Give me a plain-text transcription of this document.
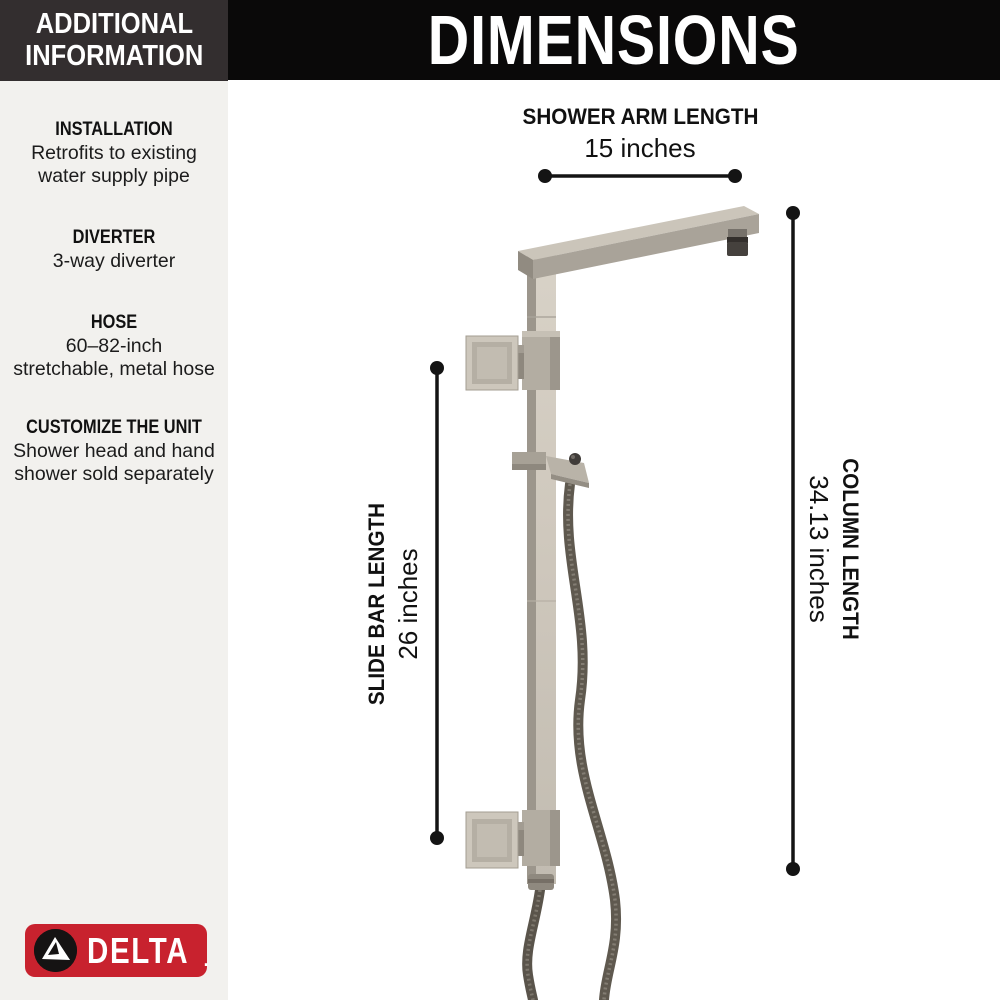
DIMENSIONS
ADDITIONAL
INFORMATION
INSTALLATION

Retrofits to existing
water supply pipe

DIVERTER

3-way diverter

HOSE

60–82-inch
stretchable, metal hose

CUSTOMIZE THE UNIT

Shower head and hand
shower sold separately

DELTA .
SHOWER ARM LENGTH
15 inches
SLIDE BAR LENGTH 26 inches	COLUMN LENGTH
34.13 inches
